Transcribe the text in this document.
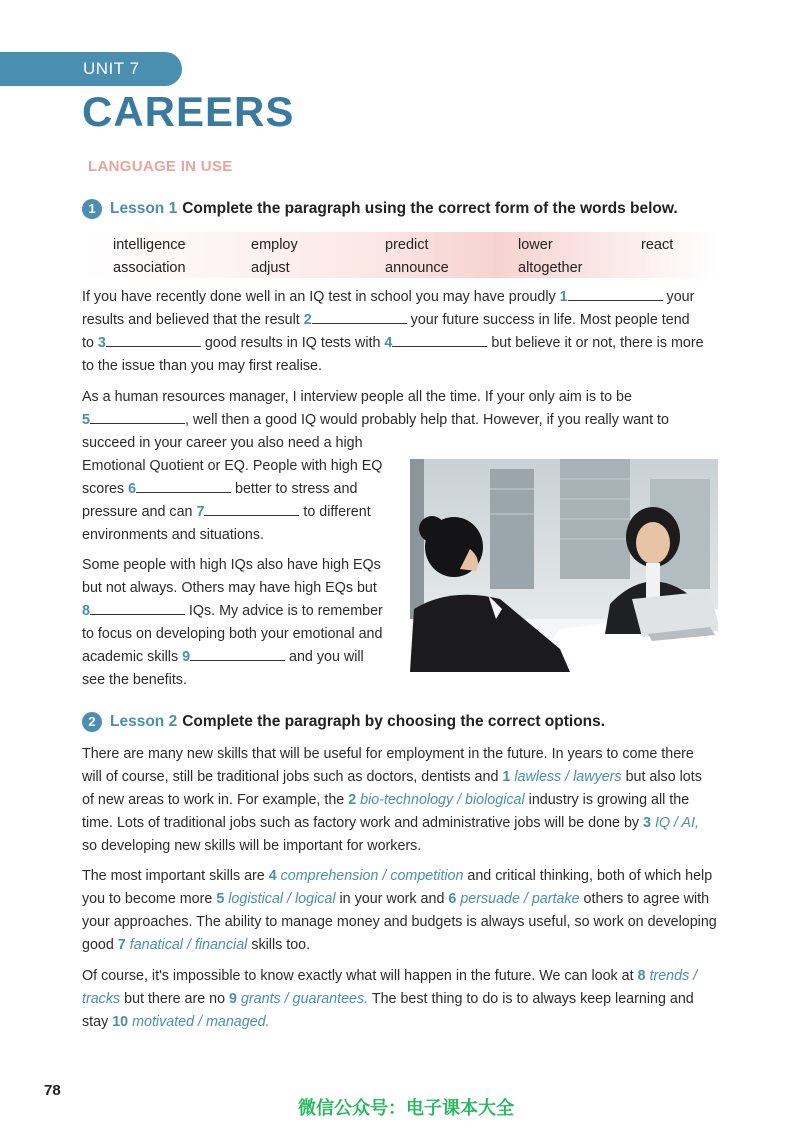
UNIT 7
CAREERS
LANGUAGE IN USE
1 Lesson 1 Complete the paragraph using the correct form of the words below.
intelligence	employ	predict	lower	react
association	adjust	announce	altogether
If you have recently done well in an IQ test in school you may have proudly 1	your
results and believed that the result 2	your future success in life. Most people tend
to 3	good results in IQ tests with 4	but believe it or not, there is more
to the issue than you may first realise.
As a human resources manager, I interview people all the time. If your only aim is to be
5	, well then a good IQ would probably help that. However, if you really want to
succeed in your career you also need a high
Emotional Quotient or EQ. People with high EQ
scores 6	better to stress and
pressure and can 7	to different
environments and situations.
Some people with high IQs also have high EQs
but not always. Others may have high EQs but
8	IQs. My advice is to remember
to focus on developing both your emotional and
academic skills 9	and you will
see the benefits.
2 Lesson 2 Complete the paragraph by choosing the correct options.
There are many new skills that will be useful for employment in the future. In years to come there
will of course, still be traditional jobs such as doctors, dentists and 1 lawless / lawyers but also lots
of new areas to work in. For example, the 2 bio-technology / biological industry is growing all the
time. Lots of traditional jobs such as factory work and administrative jobs will be done by 3 IQ / AI,
so developing new skills will be important for workers.
The most important skills are 4 comprehension / competition and critical thinking, both of which help
you to become more 5 logistical / logical in your work and 6 persuade / partake others to agree with
your approaches. The ability to manage money and budgets is always useful, so work on developing
good 7 fanatical / financial skills too.
Of course, it's impossible to know exactly what will happen in the future. We can look at 8 trends /
tracks but there are no 9 grants / guarantees. The best thing to do is to always keep learning and
stay 10 motivated / managed.
78
微信公众号：电子课本大全
